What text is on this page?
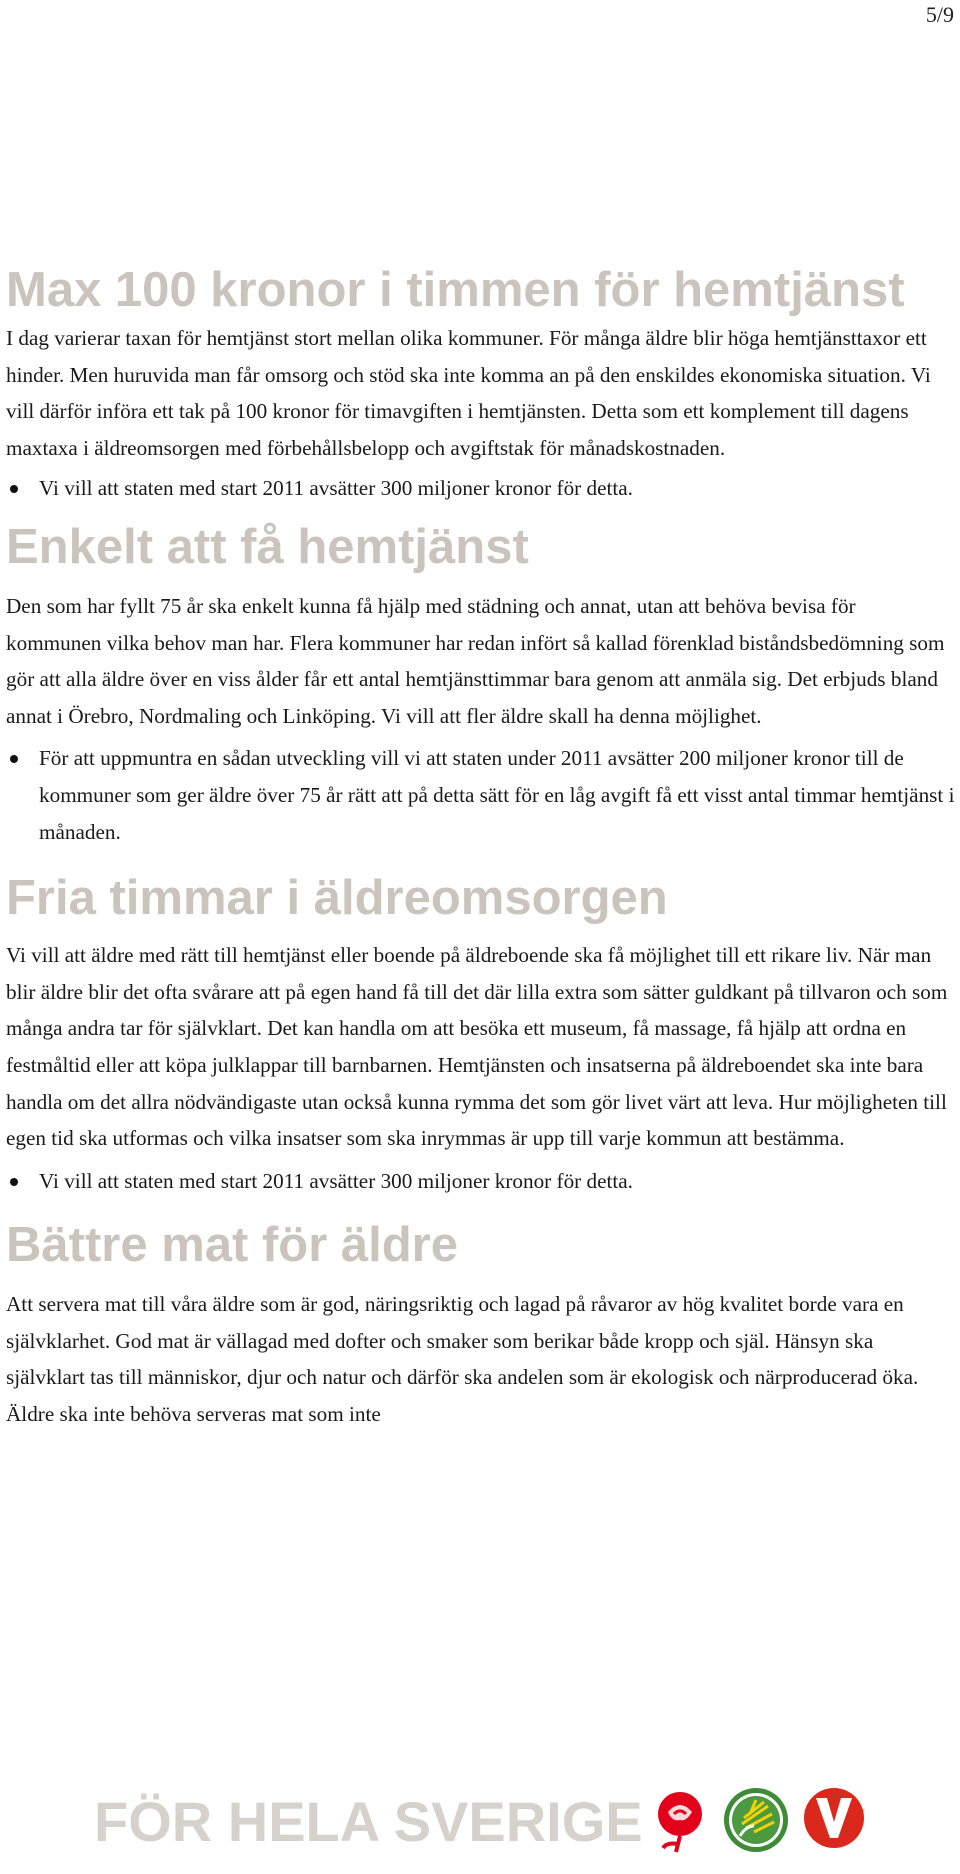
5/9
Max 100 kronor i timmen för hemtjänst

I dag varierar taxan för hemtjänst stort mellan olika kommuner. För många äldre blir höga hemtjänsttaxor ett hinder. Men huruvida man får omsorg och stöd ska inte komma an på den enskildes ekonomiska situation. Vi vill därför införa ett tak på 100 kronor för timavgiften i hemtjänsten. Detta som ett komplement till dagens maxtaxa i äldreomsorgen med förbehållsbelopp och avgiftstak för månadskostnaden.

Vi vill att staten med start 2011 avsätter 300 miljoner kronor för detta.
Enkelt att få hemtjänst

Den som har fyllt 75 år ska enkelt kunna få hjälp med städning och annat, utan att behöva bevisa för kommunen vilka behov man har. Flera kommuner har redan infört så kallad förenklad biståndsbedömning som gör att alla äldre över en viss ålder får ett antal hemtjänsttimmar bara genom att anmäla sig. Det erbjuds bland annat i Örebro, Nordmaling och Linköping. Vi vill att fler äldre skall ha denna möjlighet.

För att uppmuntra en sådan utveckling vill vi att staten under 2011 avsätter 200 miljoner kronor till de kommuner som ger äldre över 75 år rätt att på detta sätt för en låg avgift få ett visst antal timmar hemtjänst i månaden.
Fria timmar i äldreomsorgen

Vi vill att äldre med rätt till hemtjänst eller boende på äldreboende ska få möjlighet till ett rikare liv. När man blir äldre blir det ofta svårare att på egen hand få till det där lilla extra som sätter guldkant på tillvaron och som många andra tar för självklart. Det kan handla om att besöka ett museum, få massage, få hjälp att ordna en festmåltid eller att köpa julklappar till barnbarnen. Hemtjänsten och insatserna på äldreboendet ska inte bara handla om det allra nödvändigaste utan också kunna rymma det som gör livet värt att leva. Hur möjligheten till egen tid ska utformas och vilka insatser som ska inrymmas är upp till varje kommun att bestämma.

Vi vill att staten med start 2011 avsätter 300 miljoner kronor för detta.
Bättre mat för äldre

Att servera mat till våra äldre som är god, näringsriktig och lagad på råvaror av hög kvalitet borde vara en självklarhet. God mat är vällagad med dofter och smaker som berikar både kropp och själ. Hänsyn ska självklart tas till människor, djur och natur och därför ska andelen som är ekologisk och närproducerad öka. Äldre ska inte behöva serveras mat som inte

FÖR HELA SVERIGE
